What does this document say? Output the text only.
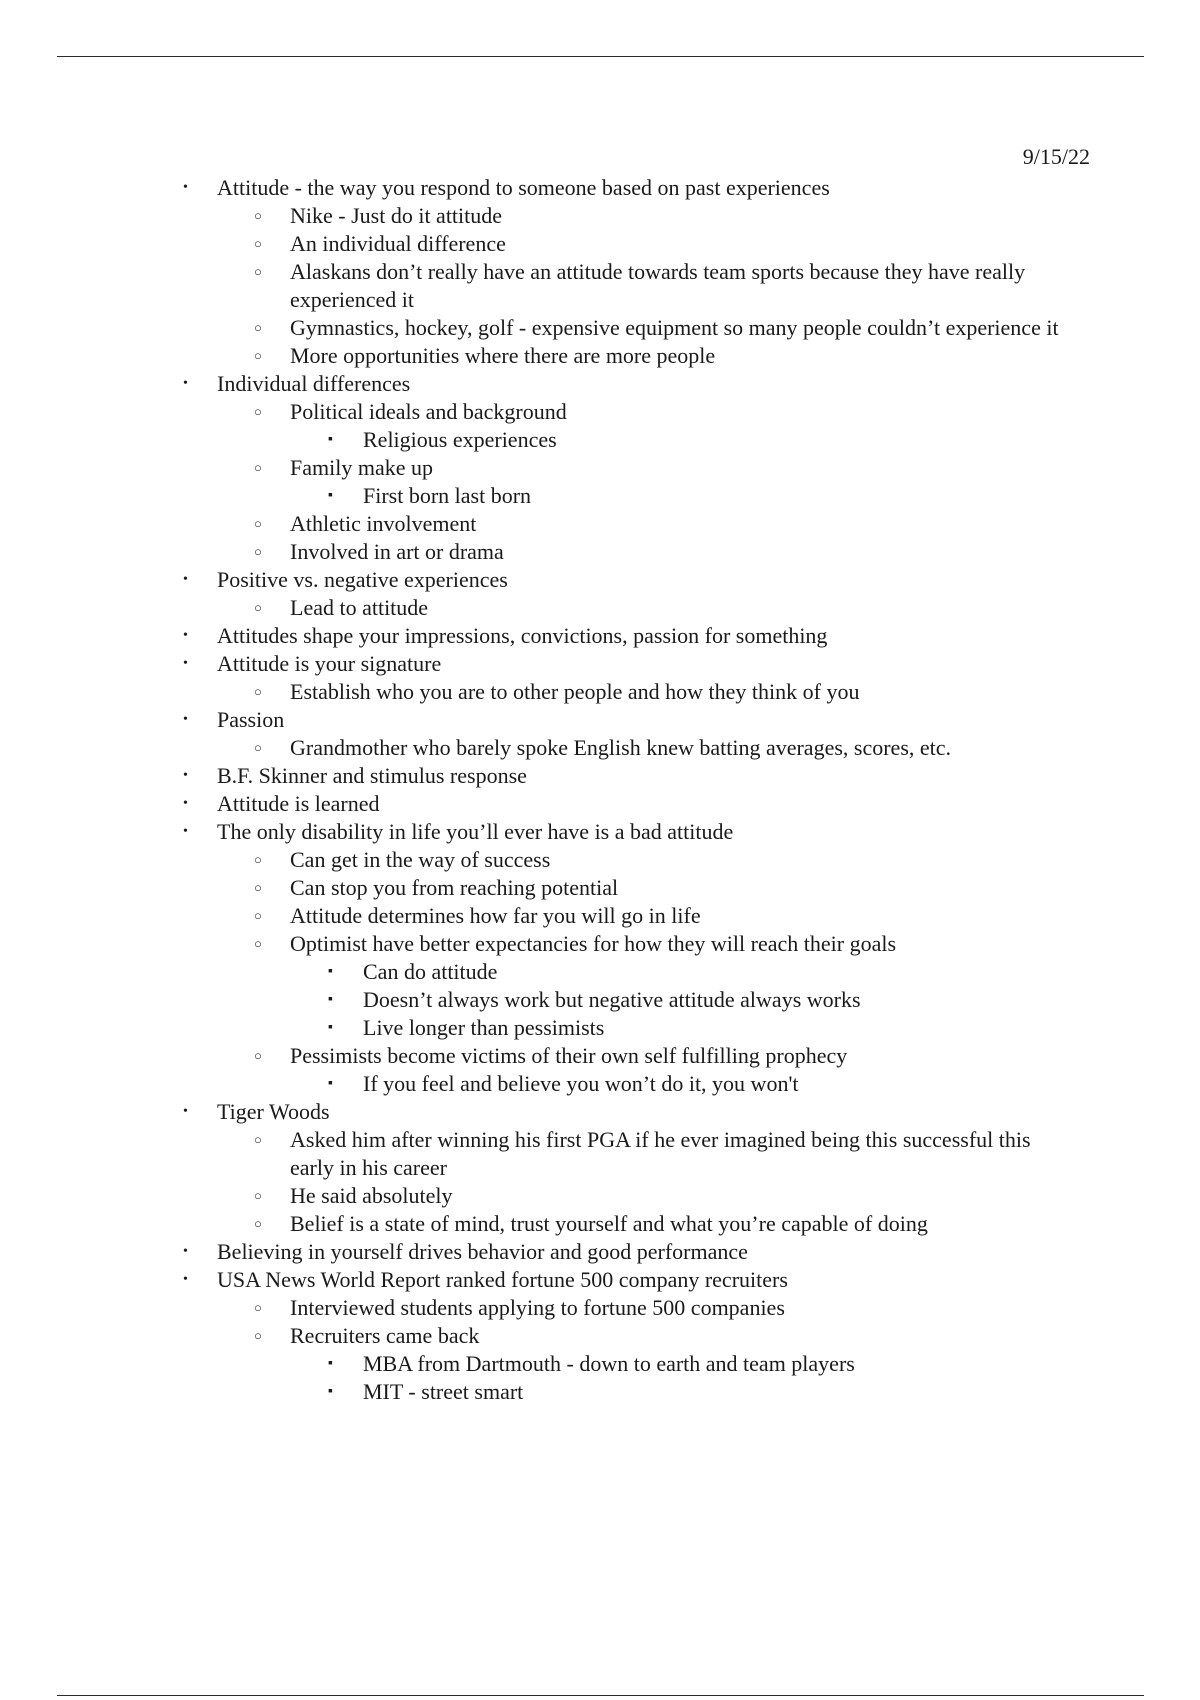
9/15/22
• Attitude - the way you respond to someone based on past experiences
○ Nike - Just do it attitude
○ An individual difference
○ Alaskans don’t really have an attitude towards team sports because they have really experienced it
○ Gymnastics, hockey, golf - expensive equipment so many people couldn’t experience it
○ More opportunities where there are more people
• Individual differences
○ Political ideals and background
▪ Religious experiences
○ Family make up
▪ First born last born
○ Athletic involvement
○ Involved in art or drama
• Positive vs. negative experiences
○ Lead to attitude
• Attitudes shape your impressions, convictions, passion for something
• Attitude is your signature
○ Establish who you are to other people and how they think of you
• Passion
○ Grandmother who barely spoke English knew batting averages, scores, etc.
• B.F. Skinner and stimulus response
• Attitude is learned
• The only disability in life you’ll ever have is a bad attitude
○ Can get in the way of success
○ Can stop you from reaching potential
○ Attitude determines how far you will go in life
○ Optimist have better expectancies for how they will reach their goals
▪ Can do attitude
▪ Doesn’t always work but negative attitude always works
▪ Live longer than pessimists
○ Pessimists become victims of their own self fulfilling prophecy
▪ If you feel and believe you won’t do it, you won't
• Tiger Woods
○ Asked him after winning his first PGA if he ever imagined being this successful this early in his career
○ He said absolutely
○ Belief is a state of mind, trust yourself and what you’re capable of doing
• Believing in yourself drives behavior and good performance
• USA News World Report ranked fortune 500 company recruiters
○ Interviewed students applying to fortune 500 companies
○ Recruiters came back
▪ MBA from Dartmouth - down to earth and team players
▪ MIT - street smart
